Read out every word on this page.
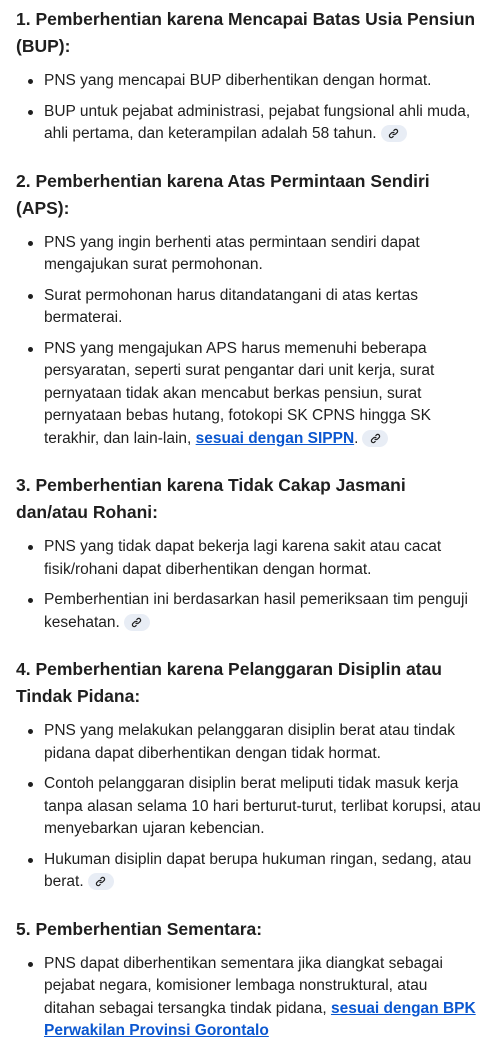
1. Pemberhentian karena Mencapai Batas Usia Pensiun (BUP):
PNS yang mencapai BUP diberhentikan dengan hormat.
BUP untuk pejabat administrasi, pejabat fungsional ahli muda, ahli pertama, dan keterampilan adalah 58 tahun.
2. Pemberhentian karena Atas Permintaan Sendiri (APS):
PNS yang ingin berhenti atas permintaan sendiri dapat mengajukan surat permohonan.
Surat permohonan harus ditandatangani di atas kertas bermaterai.
PNS yang mengajukan APS harus memenuhi beberapa persyaratan, seperti surat pengantar dari unit kerja, surat pernyataan tidak akan mencabut berkas pensiun, surat pernyataan bebas hutang, fotokopi SK CPNS hingga SK terakhir, dan lain-lain, sesuai dengan SIPPN.
3. Pemberhentian karena Tidak Cakap Jasmani dan/atau Rohani:
PNS yang tidak dapat bekerja lagi karena sakit atau cacat fisik/rohani dapat diberhentikan dengan hormat.
Pemberhentian ini berdasarkan hasil pemeriksaan tim penguji kesehatan.
4. Pemberhentian karena Pelanggaran Disiplin atau Tindak Pidana:
PNS yang melakukan pelanggaran disiplin berat atau tindak pidana dapat diberhentikan dengan tidak hormat.
Contoh pelanggaran disiplin berat meliputi tidak masuk kerja tanpa alasan selama 10 hari berturut-turut, terlibat korupsi, atau menyebarkan ujaran kebencian.
Hukuman disiplin dapat berupa hukuman ringan, sedang, atau berat.
5. Pemberhentian Sementara:
PNS dapat diberhentikan sementara jika diangkat sebagai pejabat negara, komisioner lembaga nonstruktural, atau ditahan sebagai tersangka tindak pidana, sesuai dengan BPK Perwakilan Provinsi Gorontalo
